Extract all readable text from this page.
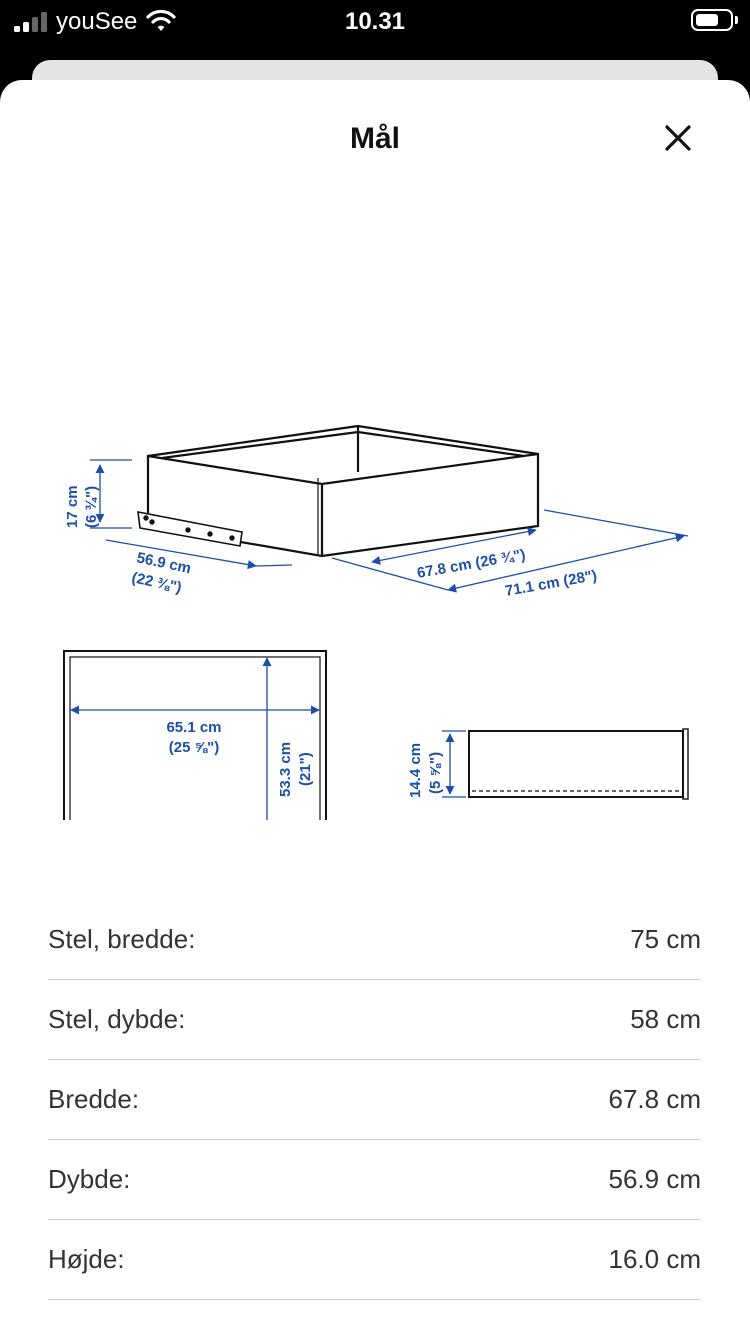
youSee	10.31
Mål
17 cm (6 ¾")
56.9 cm
(22 ⅜")
67.8 cm (26 ¾")
71.1 cm (28")
65.1 cm
(25 ⅝")	53.3 cm (21")	14.4 cm (5 ⅝")
Stel, bredde:	75 cm
Stel, dybde:	58 cm
Bredde:	67.8 cm
Dybde:	56.9 cm
Højde:	16.0 cm
